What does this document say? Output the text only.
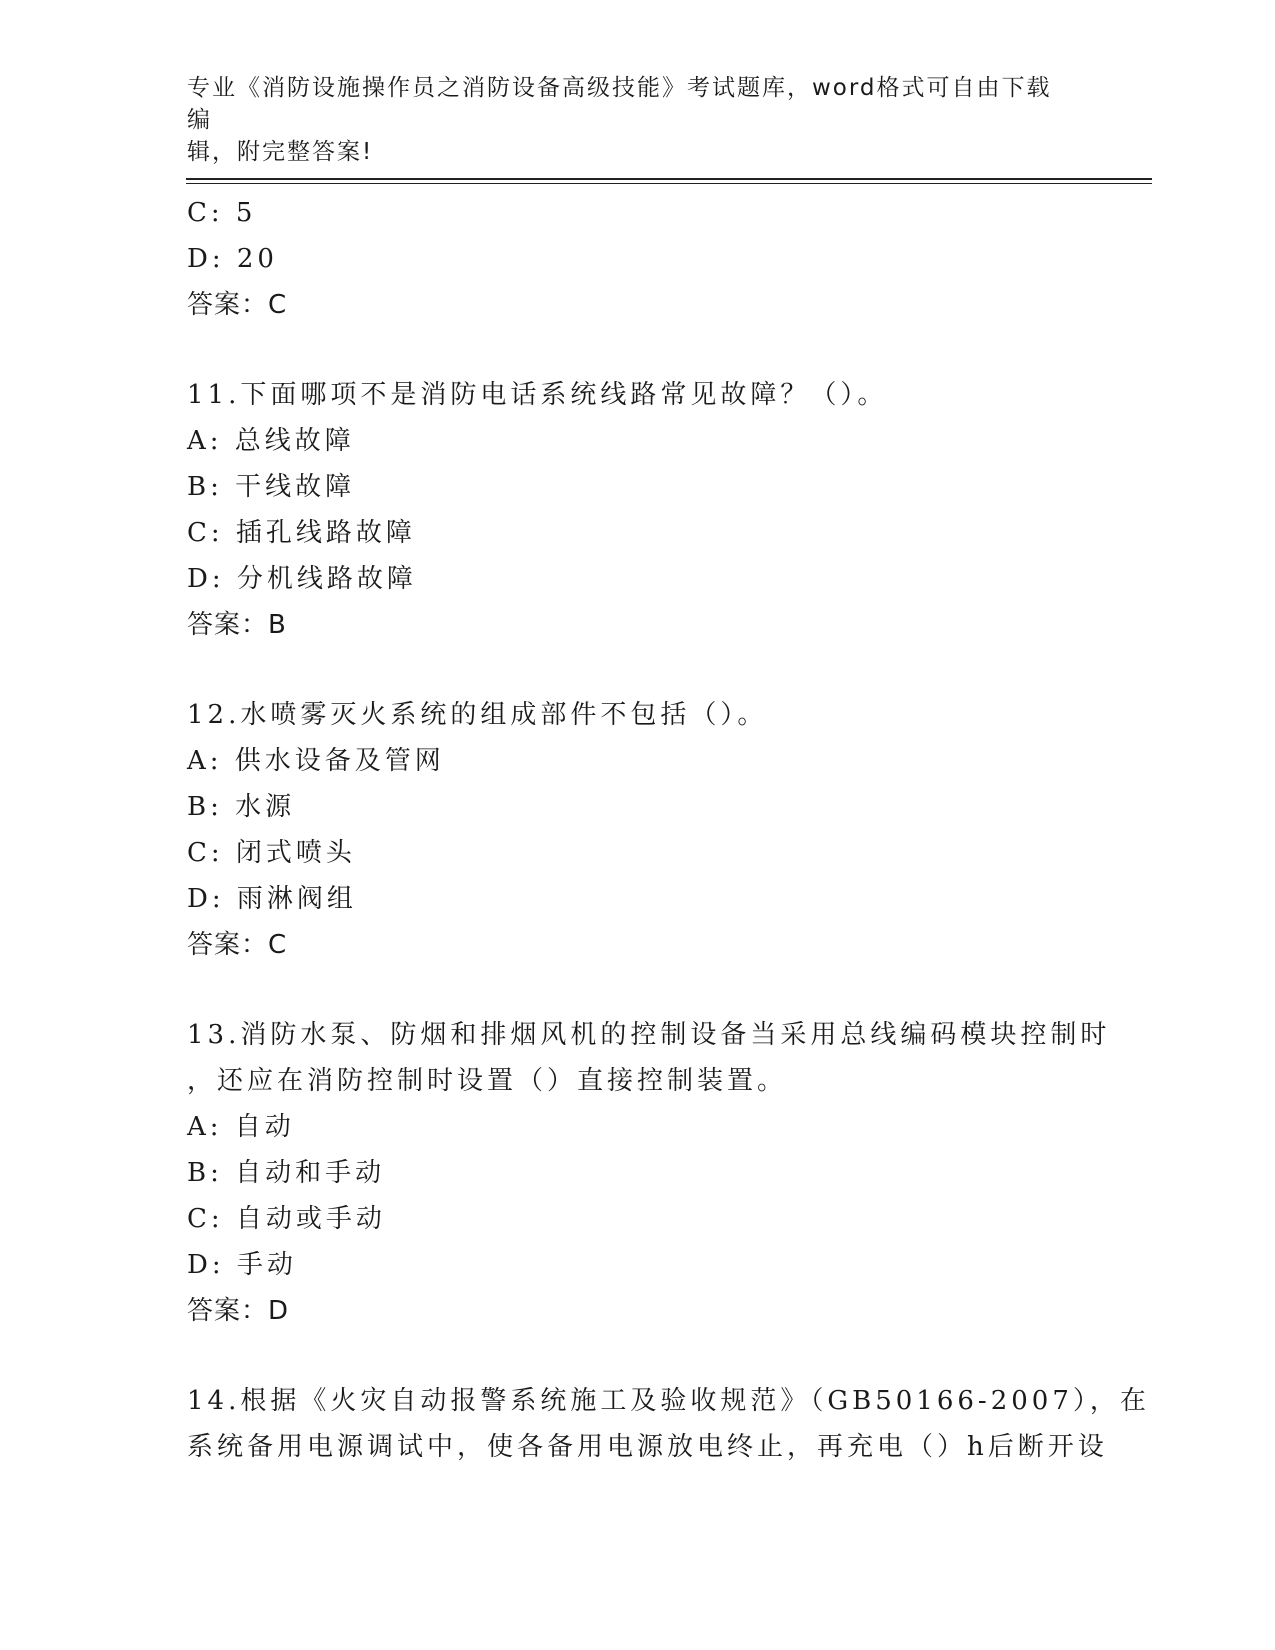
专业《消防设施操作员之消防设备高级技能》考试题库，word格式可自由下载编
辑，附完整答案!
C: 5
D: 20
答案：C
11.下面哪项不是消防电话系统线路常见故障？（）。
A: 总线故障
B: 干线故障
C: 插孔线路故障
D: 分机线路故障
答案：B
12.水喷雾灭火系统的组成部件不包括（）。
A: 供水设备及管网
B: 水源
C: 闭式喷头
D: 雨淋阀组
答案：C
13.消防水泵、防烟和排烟风机的控制设备当采用总线编码模块控制时
，还应在消防控制时设置（）直接控制装置。
A: 自动
B: 自动和手动
C: 自动或手动
D: 手动
答案：D
14.根据《火灾自动报警系统施工及验收规范》（GB50166-2007），在
系统备用电源调试中，使各备用电源放电终止，再充电（）h后断开设
